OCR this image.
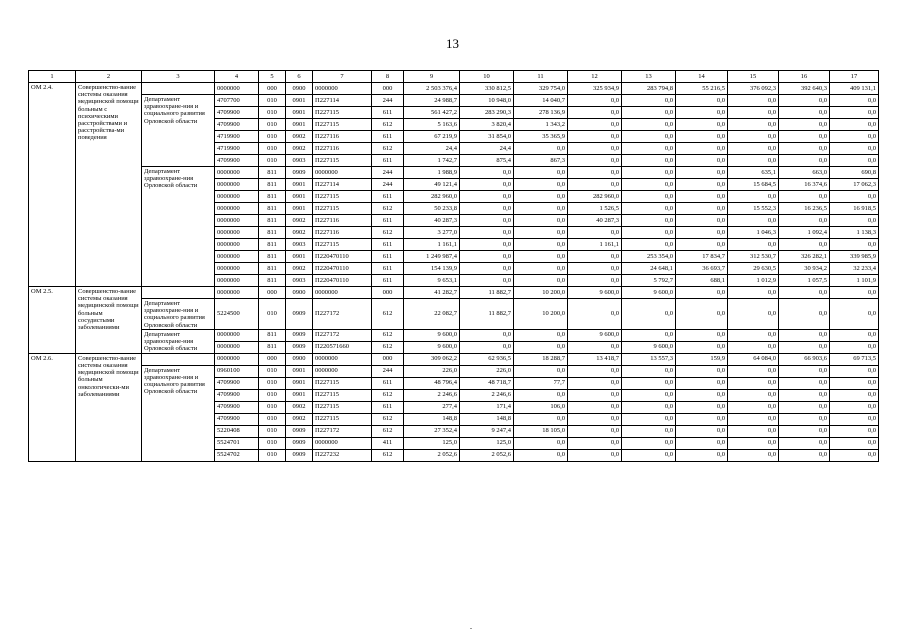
13
1	2	3	4	5	6	7	8	9	10	11	12	13	14	15	16	17
ОМ 2.4.	Совершенство-вание системы оказания медицинской помощи больным с психическими расстройствами и расстройства-ми поведения		0000000	000	0900	0000000	000	2 503 376,4	330 812,5	329 754,0	325 934,9	283 794,8	55 216,5	376 092,3	392 640,3	409 131,1
		Департамент здравоохране-ния и социального развития Орловской области	4707700	010	0901	П227114	244	24 988,7	10 948,0	14 040,7	0,0	0,0	0,0	0,0	0,0	0,0
			4709900	010	0901	П227115	611	561 427,2	283 290,3	278 136,9	0,0	0,0	0,0	0,0	0,0	0,0
			4709900	010	0901	П227115	612	5 163,6	3 820,4	1 343,2	0,0	0,0	0,0	0,0	0,0	0,0
			4719900	010	0902	П227116	611	67 219,9	31 854,0	35 365,9	0,0	0,0	0,0	0,0	0,0	0,0
			4719900	010	0902	П227116	612	24,4	24,4	0,0	0,0	0,0	0,0	0,0	0,0	0,0
			4709900	010	0903	П227115	611	1 742,7	875,4	867,3	0,0	0,0	0,0	0,0	0,0	0,0
		Департамент здравоохране-ния Орловской области	0000000	811	0909	0000000	244	1 988,9	0,0	0,0	0,0	0,0	0,0	635,1	663,0	690,8
			0000000	811	0901	П227114	244	49 121,4	0,0	0,0	0,0	0,0	0,0	15 684,5	16 374,6	17 062,3
			0000000	811	0901	П227115	611	282 960,0	0,0	0,0	282 960,0	0,0	0,0	0,0	0,0	0,0
			0000000	811	0901	П227115	612	50 233,8	0,0	0,0	1 526,5	0,0	0,0	15 552,3	16 236,5	16 918,5
			0000000	811	0902	П227116	611	40 287,3	0,0	0,0	40 287,3	0,0	0,0	0,0	0,0	0,0
			0000000	811	0902	П227116	612	3 277,0	0,0	0,0	0,0	0,0	0,0	1 046,3	1 092,4	1 138,3
			0000000	811	0903	П227115	611	1 161,1	0,0	0,0	1 161,1	0,0	0,0	0,0	0,0	0,0
			0000000	811	0901	П220470110	611	1 249 987,4	0,0	0,0	0,0	253 354,0	17 834,7	312 530,7	326 282,1	339 985,9
			0000000	811	0902	П220470110	611	154 139,9	0,0	0,0	0,0	24 648,1	36 693,7	29 630,5	30 934,2	32 233,4
			0000000	811	0903	П220470110	611	9 653,1	0,0	0,0	0,0	5 792,7	688,1	1 012,9	1 057,5	1 101,9
ОМ 2.5.	Совершенство-вание системы оказания медицинской помощи больным сосудистыми заболеваниями		0000000	000	0900	0000000	000	41 282,7	11 882,7	10 200,0	9 600,0	9 600,0	0,0	0,0	0,0	0,0
		Департамент здравоохране-ния и социального развития Орловской области	5224500	010	0909	П227172	612	22 082,7	11 882,7	10 200,0	0,0	0,0	0,0	0,0	0,0	0,0
		Департамент здравоохране-ния Орловской области	0000000	811	0909	П227172	612	9 600,0	0,0	0,0	9 600,0	0,0	0,0	0,0	0,0	0,0
			0000000	811	0909	П220571660	612	9 600,0	0,0	0,0	0,0	9 600,0	0,0	0,0	0,0	0,0
ОМ 2.6.	Совершенство-вание системы оказания медицинской помощи больным онкологически-ми заболеваниями		0000000	000	0900	0000000	000	309 062,2	62 936,5	18 288,7	13 418,7	13 557,3	159,9	64 084,0	66 903,6	69 713,5
		Департамент здравоохране-ния и социального развития Орловской области	0960100	010	0901	0000000	244	226,0	226,0	0,0	0,0	0,0	0,0	0,0	0,0	0,0
			4709900	010	0901	П227115	611	48 796,4	48 718,7	77,7	0,0	0,0	0,0	0,0	0,0	0,0
			4709900	010	0901	П227115	612	2 246,6	2 246,6	0,0	0,0	0,0	0,0	0,0	0,0	0,0
			4709900	010	0902	П227115	611	277,4	171,4	106,0	0,0	0,0	0,0	0,0	0,0	0,0
			4709900	010	0902	П227115	612	148,8	148,8	0,0	0,0	0,0	0,0	0,0	0,0	0,0
			5220408	010	0909	П227172	612	27 352,4	9 247,4	18 105,0	0,0	0,0	0,0	0,0	0,0	0,0
			5524701	010	0909	0000000	411	125,0	125,0	0,0	0,0	0,0	0,0	0,0	0,0	0,0
			5524702	010	0909	П227232	612	2 052,6	2 052,6	0,0	0,0	0,0	0,0	0,0	0,0	0,0
